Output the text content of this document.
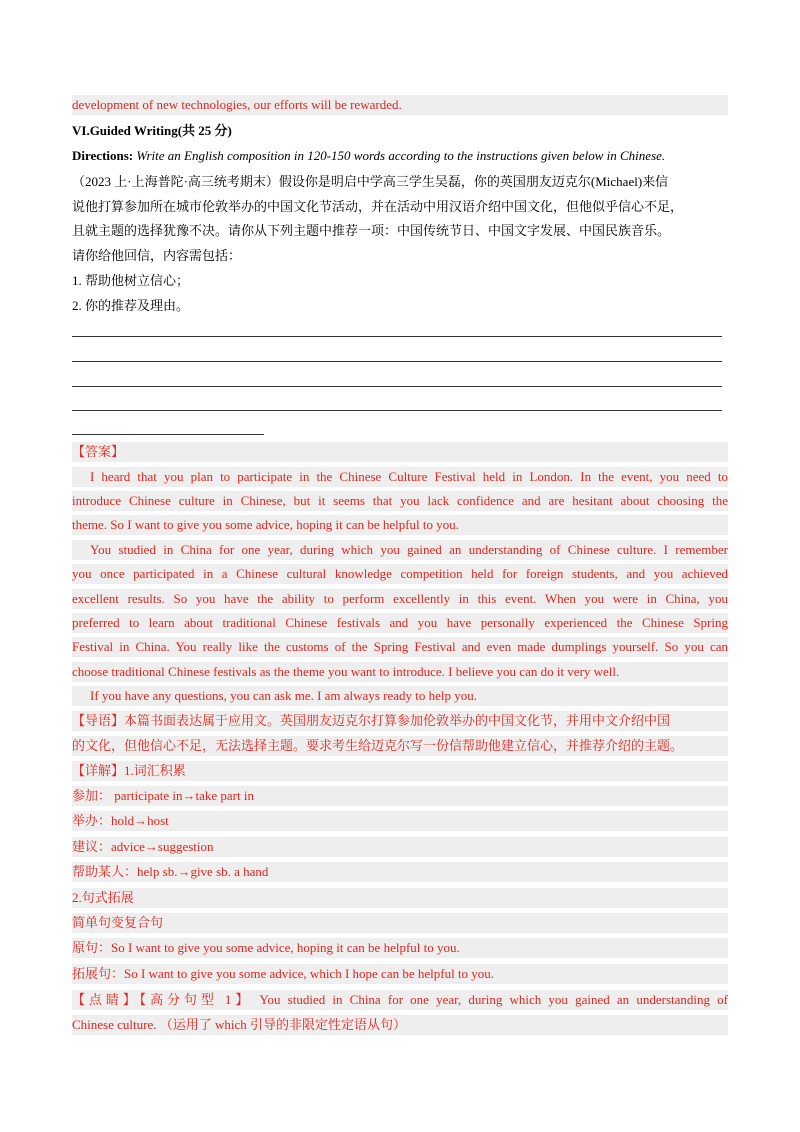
development of new technologies, our efforts will be rewarded.
VI.Guided Writing(共 25 分)
Directions: Write an English composition in 120-150 words according to the instructions given below in Chinese.
（2023 上·上海普陀·高三统考期末）假设你是明启中学高三学生吴磊，你的英国朋友迈克尔(Michael)来信
说他打算参加所在城市伦敦举办的中国文化节活动，并在活动中用汉语介绍中国文化，但他似乎信心不足，
且就主题的选择犹豫不决。请你从下列主题中推荐一项：中国传统节日、中国文字发展、中国民族音乐。
请你给他回信，内容需包括：
1. 帮助他树立信心；
2. 你的推荐及理由。
【答案】
I heard that you plan to participate in the Chinese Culture Festival held in London. In the event, you need to
introduce Chinese culture in Chinese, but it seems that you lack confidence and are hesitant about choosing the
theme. So I want to give you some advice, hoping it can be helpful to you.
You studied in China for one year, during which you gained an understanding of Chinese culture. I remember
you once participated in a Chinese cultural knowledge competition held for foreign students, and you achieved
excellent results. So you have the ability to perform excellently in this event. When you were in China, you
preferred to learn about traditional Chinese festivals and you have personally experienced the Chinese Spring
Festival in China. You really like the customs of the Spring Festival and even made dumplings yourself. So you can
choose traditional Chinese festivals as the theme you want to introduce. I believe you can do it very well.
If you have any questions, you can ask me. I am always ready to help you.
【导语】本篇书面表达属于应用文。英国朋友迈克尔打算参加伦敦举办的中国文化节，并用中文介绍中国
的文化，但他信心不足，无法选择主题。要求考生给迈克尔写一份信帮助他建立信心，并推荐介绍的主题。
【详解】1.词汇积累
参加： participate in→take part in
举办：hold→host
建议：advice→suggestion
帮助某人：help sb.→give sb. a hand
2.句式拓展
简单句变复合句
原句：So I want to give you some advice, hoping it can be helpful to you.
拓展句：So I want to give you some advice, which I hope can be helpful to you.
【点睛】【高分句型 1】 You studied in China for one year, during which you gained an understanding of
Chinese culture. （运用了 which 引导的非限定性定语从句）
